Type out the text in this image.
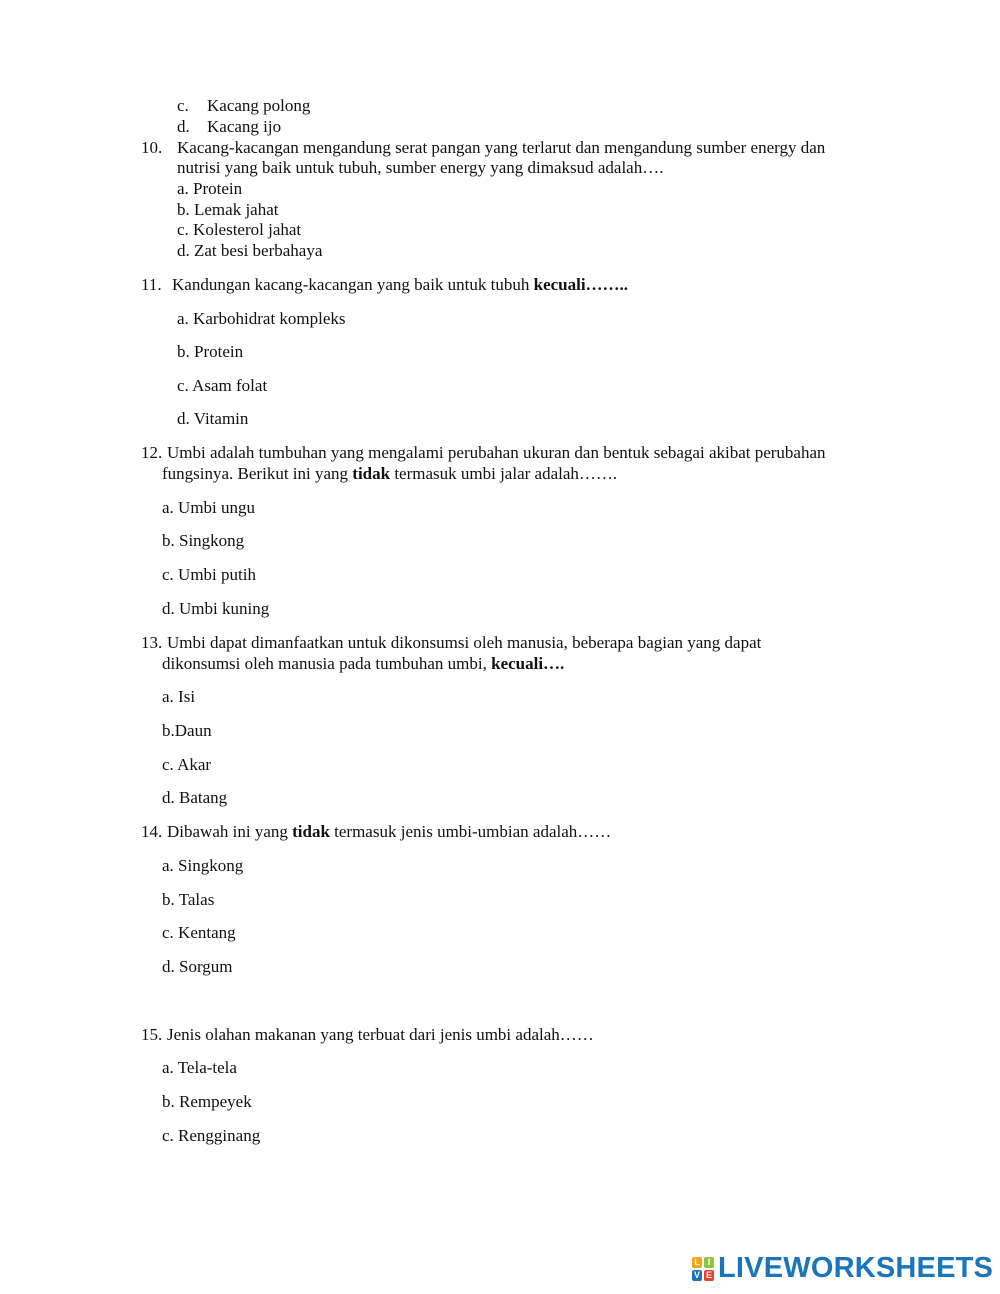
c. Kacang polong
d. Kacang ijo
10. Kacang-kacangan mengandung serat pangan yang terlarut dan mengandung sumber energy dan
nutrisi yang baik untuk tubuh, sumber energy yang dimaksud adalah….
a. Protein
b. Lemak jahat
c. Kolesterol jahat
d. Zat besi berbahaya
11. Kandungan kacang-kacangan yang baik untuk tubuh kecuali……..
a. Karbohidrat kompleks
b. Protein
c. Asam folat
d. Vitamin
12. Umbi adalah tumbuhan yang mengalami perubahan ukuran dan bentuk sebagai akibat perubahan
fungsinya. Berikut ini yang tidak termasuk umbi jalar adalah…….
a. Umbi ungu
b. Singkong
c. Umbi putih
d. Umbi kuning
13. Umbi dapat dimanfaatkan untuk dikonsumsi oleh manusia, beberapa bagian yang dapat
dikonsumsi oleh manusia pada tumbuhan umbi, kecuali….
a. Isi
b.Daun
c. Akar
d. Batang
14. Dibawah ini yang tidak termasuk jenis umbi-umbian adalah……
a. Singkong
b. Talas
c. Kentang
d. Sorgum
15. Jenis olahan makanan yang terbuat dari jenis umbi adalah……
a. Tela-tela
b. Rempeyek
c. Rengginang
L I
V E LIVEWORKSHEETS
